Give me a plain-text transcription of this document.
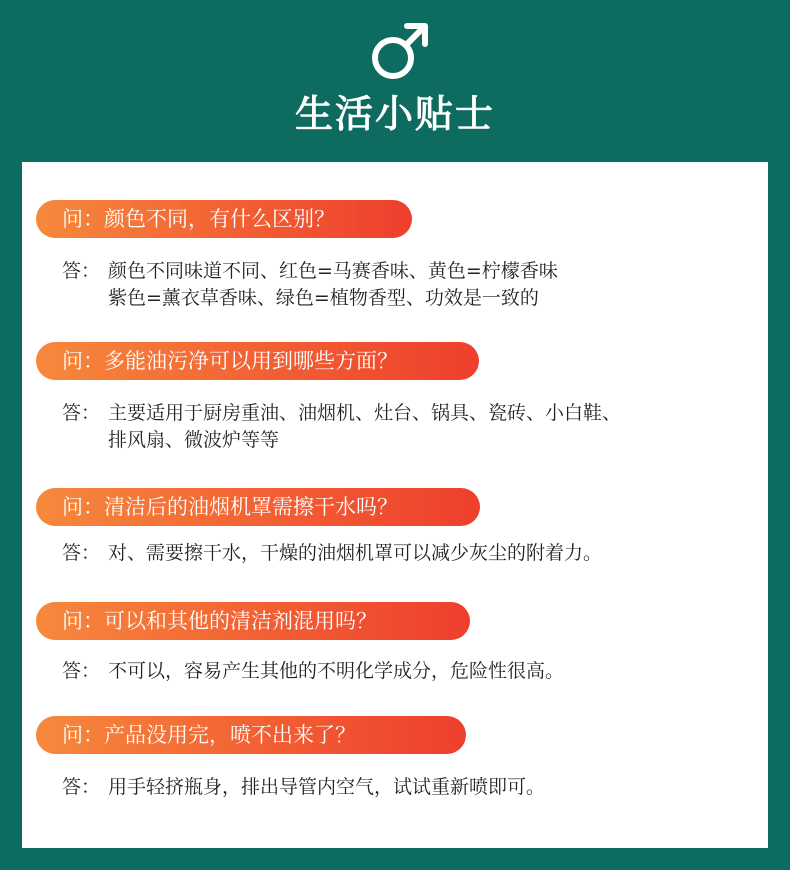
生活小贴士
问：颜色不同，有什么区别？
答： 颜色不同味道不同、红色=马赛香味、黄色=柠檬香味
紫色=薰衣草香味、绿色=植物香型、功效是一致的
问：多能油污净可以用到哪些方面？
答： 主要适用于厨房重油、油烟机、灶台、锅具、瓷砖、小白鞋、
排风扇、微波炉等等
问：清洁后的油烟机罩需擦干水吗？
答： 对、需要擦干水，干燥的油烟机罩可以减少灰尘的附着力。
问：可以和其他的清洁剂混用吗？
答： 不可以，容易产生其他的不明化学成分，危险性很高。
问：产品没用完，喷不出来了？
答： 用手轻挤瓶身，排出导管内空气，试试重新喷即可。
